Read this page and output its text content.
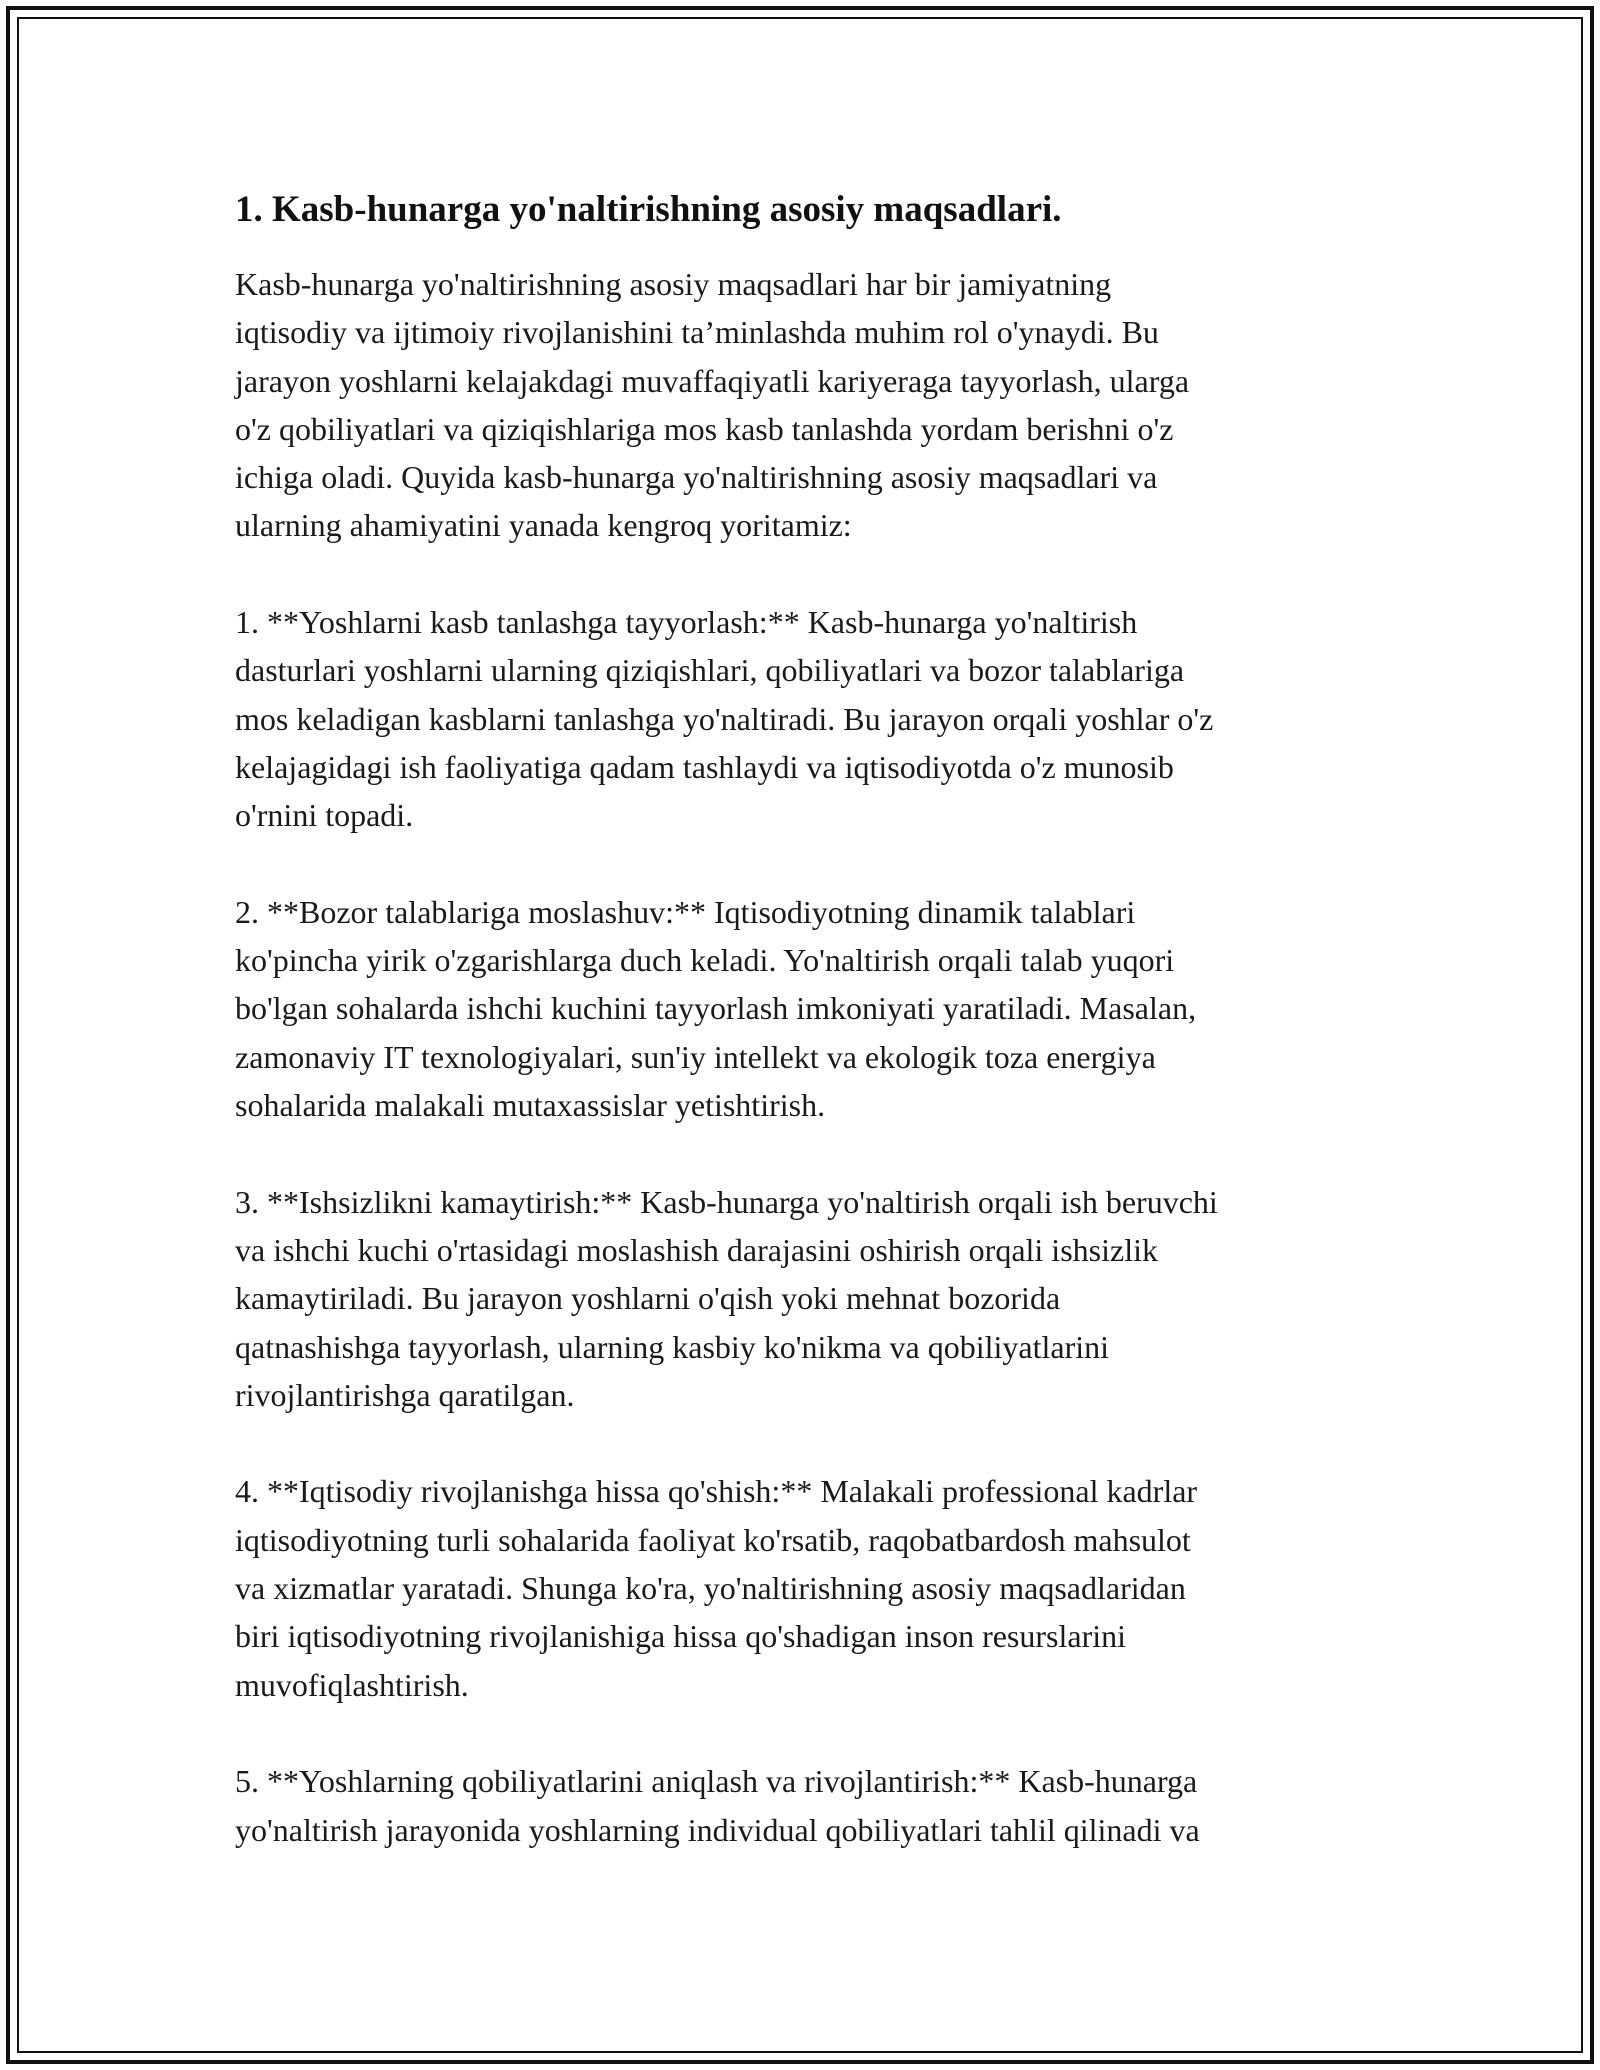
1. Kasb-hunarga yo'naltirishning asosiy maqsadlari.

Kasb-hunarga yo'naltirishning asosiy maqsadlari har bir jamiyatning
iqtisodiy va ijtimoiy rivojlanishini ta’minlashda muhim rol o'ynaydi. Bu
jarayon yoshlarni kelajakdagi muvaffaqiyatli kariyeraga tayyorlash, ularga
o'z qobiliyatlari va qiziqishlariga mos kasb tanlashda yordam berishni o'z
ichiga oladi. Quyida kasb-hunarga yo'naltirishning asosiy maqsadlari va
ularning ahamiyatini yanada kengroq yoritamiz:

1. **Yoshlarni kasb tanlashga tayyorlash:** Kasb-hunarga yo'naltirish
dasturlari yoshlarni ularning qiziqishlari, qobiliyatlari va bozor talablariga
mos keladigan kasblarni tanlashga yo'naltiradi. Bu jarayon orqali yoshlar o'z
kelajagidagi ish faoliyatiga qadam tashlaydi va iqtisodiyotda o'z munosib
o'rnini topadi.

2. **Bozor talablariga moslashuv:** Iqtisodiyotning dinamik talablari
ko'pincha yirik o'zgarishlarga duch keladi. Yo'naltirish orqali talab yuqori
bo'lgan sohalarda ishchi kuchini tayyorlash imkoniyati yaratiladi. Masalan,
zamonaviy IT texnologiyalari, sun'iy intellekt va ekologik toza energiya
sohalarida malakali mutaxassislar yetishtirish.

3. **Ishsizlikni kamaytirish:** Kasb-hunarga yo'naltirish orqali ish beruvchi
va ishchi kuchi o'rtasidagi moslashish darajasini oshirish orqali ishsizlik
kamaytiriladi. Bu jarayon yoshlarni o'qish yoki mehnat bozorida
qatnashishga tayyorlash, ularning kasbiy ko'nikma va qobiliyatlarini
rivojlantirishga qaratilgan.

4. **Iqtisodiy rivojlanishga hissa qo'shish:** Malakali professional kadrlar
iqtisodiyotning turli sohalarida faoliyat ko'rsatib, raqobatbardosh mahsulot
va xizmatlar yaratadi. Shunga ko'ra, yo'naltirishning asosiy maqsadlaridan
biri iqtisodiyotning rivojlanishiga hissa qo'shadigan inson resurslarini
muvofiqlashtirish.

5. **Yoshlarning qobiliyatlarini aniqlash va rivojlantirish:** Kasb-hunarga
yo'naltirish jarayonida yoshlarning individual qobiliyatlari tahlil qilinadi va
